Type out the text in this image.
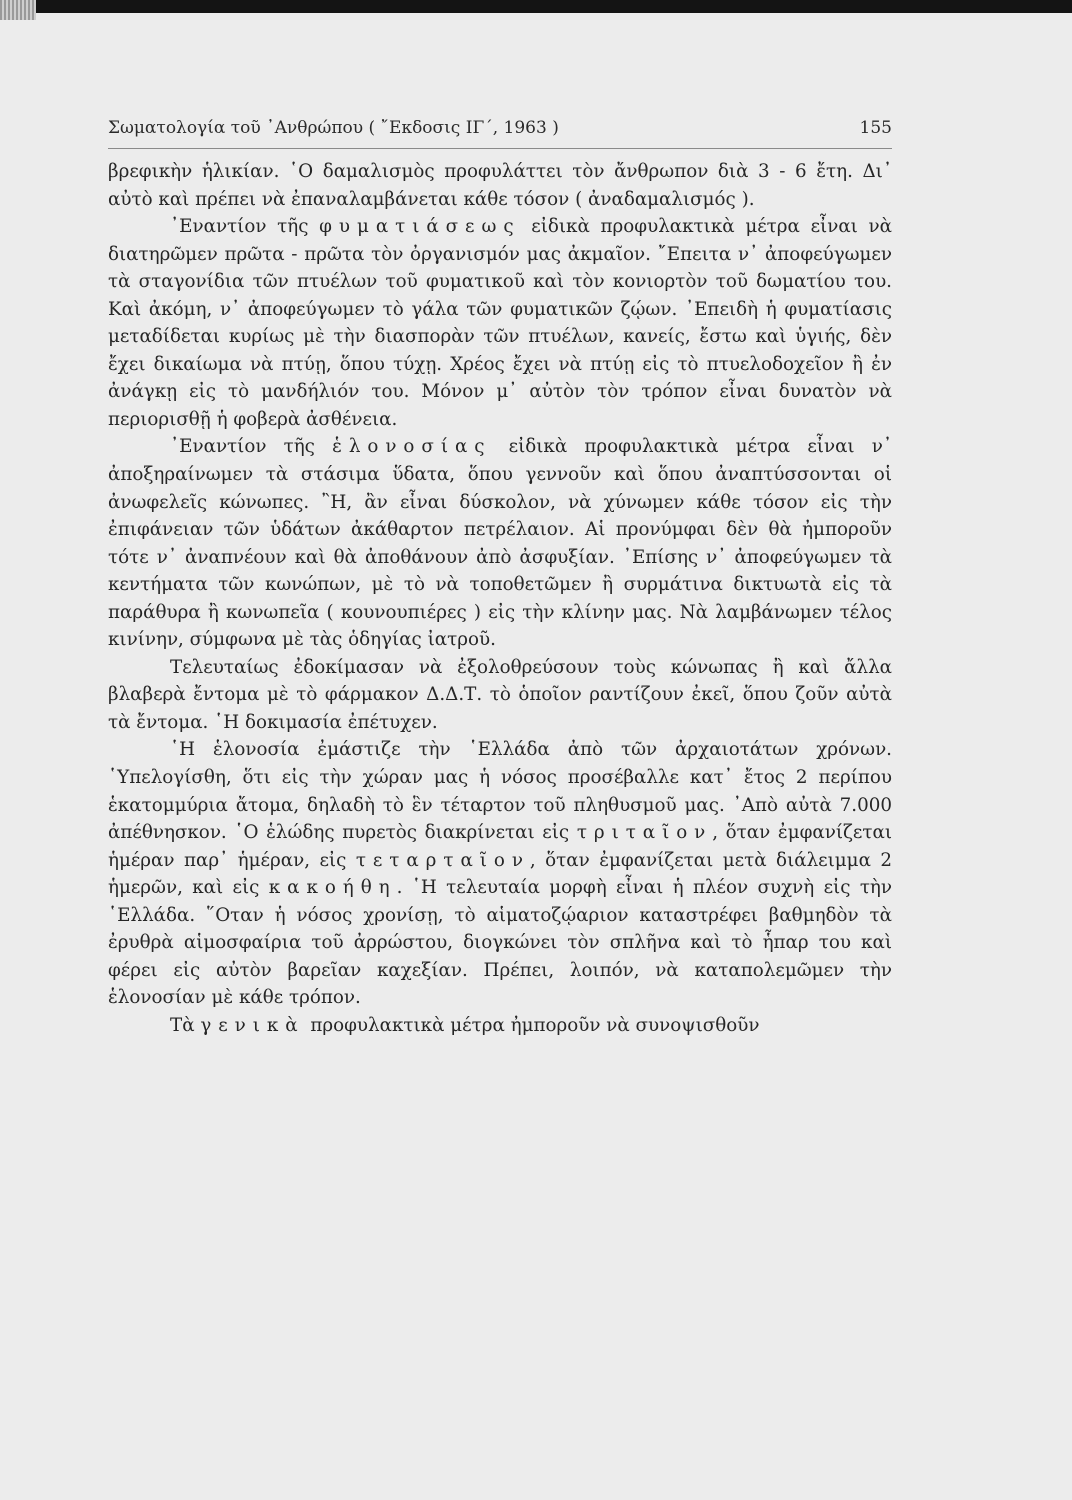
Σωματολογία τοῦ ᾿Ανθρώπου ( ῎Εκδοσις ΙΓ΄, 1963 )	155

βρεφικὴν ἡλικίαν. ῾Ο δαμαλισμὸς προφυλάττει τὸν ἄνθρωπον διὰ 3 - 6 ἔτη. Δι᾿ αὐτὸ καὶ πρέπει νὰ ἐπαναλαμβάνεται κάθε τόσον ( ἀναδαμαλισμός ).

᾿Εναντίον τῆς φυματιάσεως εἰδικὰ προφυλακτικὰ μέτρα εἶναι νὰ διατηρῶμεν πρῶτα - πρῶτα τὸν ὀργανισμόν μας ἀκμαῖον. ῎Επειτα ν᾿ ἀποφεύγωμεν τὰ σταγονίδια τῶν πτυέλων τοῦ φυματικοῦ καὶ τὸν κονιορτὸν τοῦ δωματίου του. Καὶ ἀκόμη, ν᾿ ἀποφεύγωμεν τὸ γάλα τῶν φυματικῶν ζῴων. ᾿Επειδὴ ἡ φυματίασις μεταδίδεται κυρίως μὲ τὴν διασπορὰν τῶν πτυέλων, κανείς, ἔστω καὶ ὑγιής, δὲν ἔχει δικαίωμα νὰ πτύῃ, ὅπου τύχῃ. Χρέος ἔχει νὰ πτύῃ εἰς τὸ πτυελοδοχεῖον ἢ ἐν ἀνάγκῃ εἰς τὸ μανδήλιόν του. Μόνον μ᾿ αὐτὸν τὸν τρόπον εἶναι δυνατὸν νὰ περιορισθῇ ἡ φοβερὰ ἀσθένεια.

᾿Εναντίον τῆς ἑλονοσίας εἰδικὰ προφυλακτικὰ μέτρα εἶναι ν᾿ ἀποξηραίνωμεν τὰ στάσιμα ὕδατα, ὅπου γεννοῦν καὶ ὅπου ἀναπτύσσονται οἱ ἀνωφελεῖς κώνωπες. ῍Η, ἂν εἶναι δύσκολον, νὰ χύνωμεν κάθε τόσον εἰς τὴν ἐπιφάνειαν τῶν ὑδάτων ἀκάθαρτον πετρέλαιον. Αἱ προνύμφαι δὲν θὰ ἠμποροῦν τότε ν᾿ ἀναπνέουν καὶ θὰ ἀποθάνουν ἀπὸ ἀσφυξίαν. ᾿Επίσης ν᾿ ἀποφεύγωμεν τὰ κεντήματα τῶν κωνώπων, μὲ τὸ νὰ τοποθετῶμεν ἢ συρμάτινα δικτυωτὰ εἰς τὰ παράθυρα ἢ κωνωπεῖα ( κουνουπιέρες ) εἰς τὴν κλίνην μας. Νὰ λαμβάνωμεν τέλος κινίνην, σύμφωνα μὲ τὰς ὁδηγίας ἰατροῦ.

Τελευταίως ἐδοκίμασαν νὰ ἐξολοθρεύσουν τοὺς κώνωπας ἢ καὶ ἄλλα βλαβερὰ ἔντομα μὲ τὸ φάρμακον Δ.Δ.Τ. τὸ ὁποῖον ραντίζουν ἐκεῖ, ὅπου ζοῦν αὐτὰ τὰ ἔντομα. ῾Η δοκιμασία ἐπέτυχεν.

῾Η ἑλονοσία ἐμάστιζε τὴν ῾Ελλάδα ἀπὸ τῶν ἀρχαιοτάτων χρόνων. ῾Υπελογίσθη, ὅτι εἰς τὴν χώραν μας ἡ νόσος προσέβαλλε κατ᾿ ἔτος 2 περίπου ἑκατομμύρια ἄτομα, δηλαδὴ τὸ ἓν τέταρτον τοῦ πληθυσμοῦ μας. ᾿Απὸ αὐτὰ 7.000 ἀπέθνησκον. ῾Ο ἑλώδης πυρετὸς διακρίνεται εἰς τριταῖον, ὅταν ἐμφανίζεται ἡμέραν παρ᾿ ἡμέραν, εἰς τεταρταῖον, ὅταν ἐμφανίζεται μετὰ διάλειμμα 2 ἡμερῶν, καὶ εἰς κακοήθη. ῾Η τελευταία μορφὴ εἶναι ἡ πλέον συχνὴ εἰς τὴν ῾Ελλάδα. ῞Οταν ἡ νόσος χρονίσῃ, τὸ αἱματοζῴαριον καταστρέφει βαθμηδὸν τὰ ἐρυθρὰ αἱμοσφαίρια τοῦ ἀρρώστου, διογκώνει τὸν σπλῆνα καὶ τὸ ἧπαρ του καὶ φέρει εἰς αὐτὸν βαρεῖαν καχεξίαν. Πρέπει, λοιπόν, νὰ καταπολεμῶμεν τὴν ἑλονοσίαν μὲ κάθε τρόπον.

Τὰ γενικὰ προφυλακτικὰ μέτρα ἠμποροῦν νὰ συνοψισθοῦν
